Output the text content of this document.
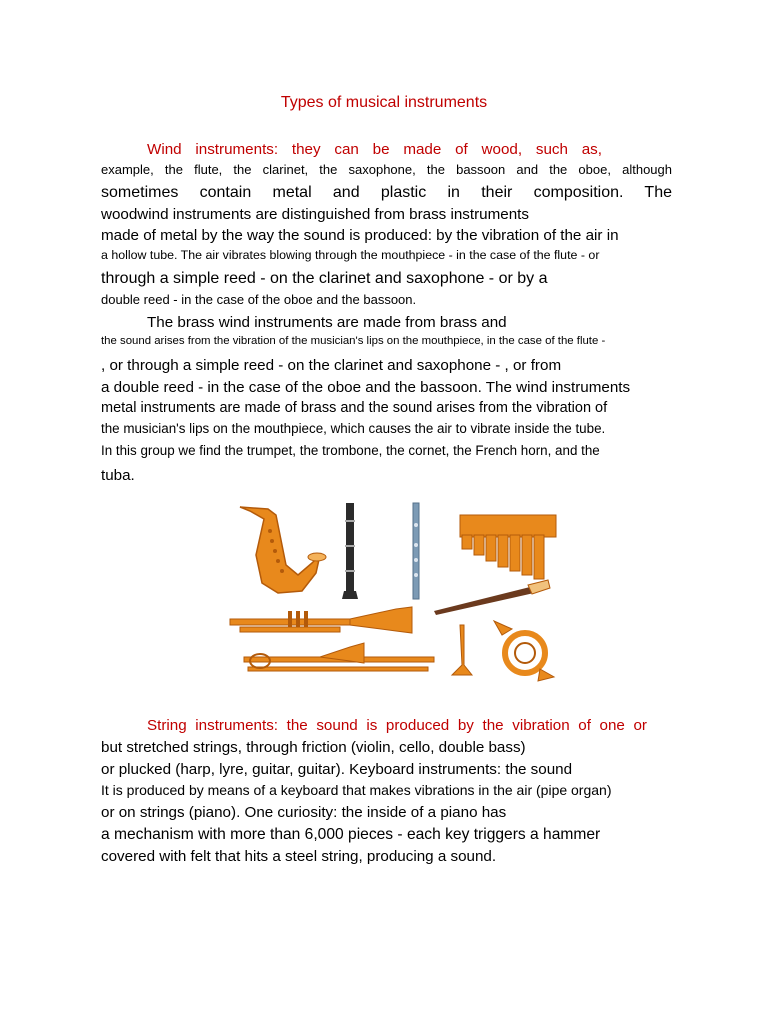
Types of musical instruments
Wind instruments: they can be made of wood, such as,
example, the flute, the clarinet, the saxophone, the bassoon and the oboe, although
sometimes contain metal and plastic in their composition. The
woodwind instruments are distinguished from brass instruments
made of metal by the way the sound is produced: by the vibration of the air in
a hollow tube. The air vibrates blowing through the mouthpiece - in the case of the flute - or
through a simple reed - on the clarinet and saxophone - or by a
double reed - in the case of the oboe and the bassoon.
The brass wind instruments are made from brass and
the sound arises from the vibration of the musician's lips on the mouthpiece, in the case of the flute -
, or through a simple reed - on the clarinet and saxophone - , or from
a double reed - in the case of the oboe and the bassoon. The wind instruments
metal instruments are made of brass and the sound arises from the vibration of
the musician's lips on the mouthpiece, which causes the air to vibrate inside the tube.
In this group we find the trumpet, the trombone, the cornet, the French horn, and the
tuba.
String instruments: the sound is produced by the vibration of one or
but stretched strings, through friction (violin, cello, double bass)
or plucked (harp, lyre, guitar, guitar). Keyboard instruments: the sound
It is produced by means of a keyboard that makes vibrations in the air (pipe organ)
or on strings (piano). One curiosity: the inside of a piano has
a mechanism with more than 6,000 pieces - each key triggers a hammer
covered with felt that hits a steel string, producing a sound.
